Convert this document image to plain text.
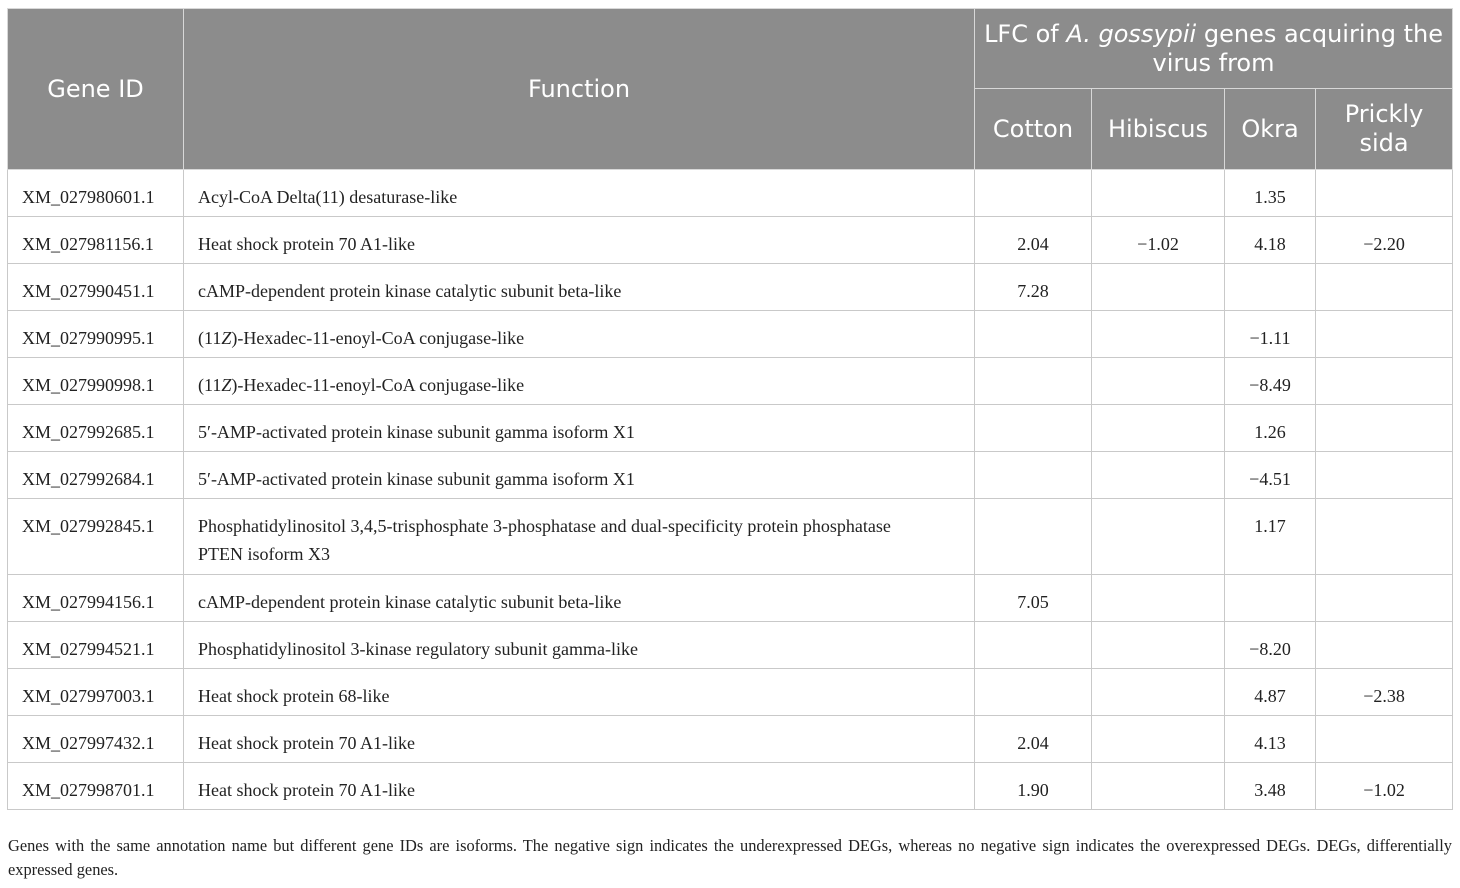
Gene ID	Function	LFC of A. gossypii genes acquiring the virus from			
		Cotton	Hibiscus	Okra	Prickly sida
XM_027980601.1	Acyl-CoA Delta(11) desaturase-like			1.35	
XM_027981156.1	Heat shock protein 70 A1-like	2.04	−1.02	4.18	−2.20
XM_027990451.1	cAMP-dependent protein kinase catalytic subunit beta-like	7.28			
XM_027990995.1	(11Z)-Hexadec-11-enoyl-CoA conjugase-like			−1.11	
XM_027990998.1	(11Z)-Hexadec-11-enoyl-CoA conjugase-like			−8.49	
XM_027992685.1	5′-AMP-activated protein kinase subunit gamma isoform X1			1.26	
XM_027992684.1	5′-AMP-activated protein kinase subunit gamma isoform X1			−4.51	
XM_027992845.1	Phosphatidylinositol 3,4,5-trisphosphate 3-phosphatase and dual-specificity protein phosphatase PTEN isoform X3			1.17	
XM_027994156.1	cAMP-dependent protein kinase catalytic subunit beta-like	7.05			
XM_027994521.1	Phosphatidylinositol 3-kinase regulatory subunit gamma-like			−8.20	
XM_027997003.1	Heat shock protein 68-like			4.87	−2.38
XM_027997432.1	Heat shock protein 70 A1-like	2.04		4.13	
XM_027998701.1	Heat shock protein 70 A1-like	1.90		3.48	−1.02
Genes with the same annotation name but different gene IDs are isoforms. The negative sign indicates the underexpressed DEGs, whereas no negative sign indicates the overexpressed DEGs. DEGs, differentially expressed genes.
